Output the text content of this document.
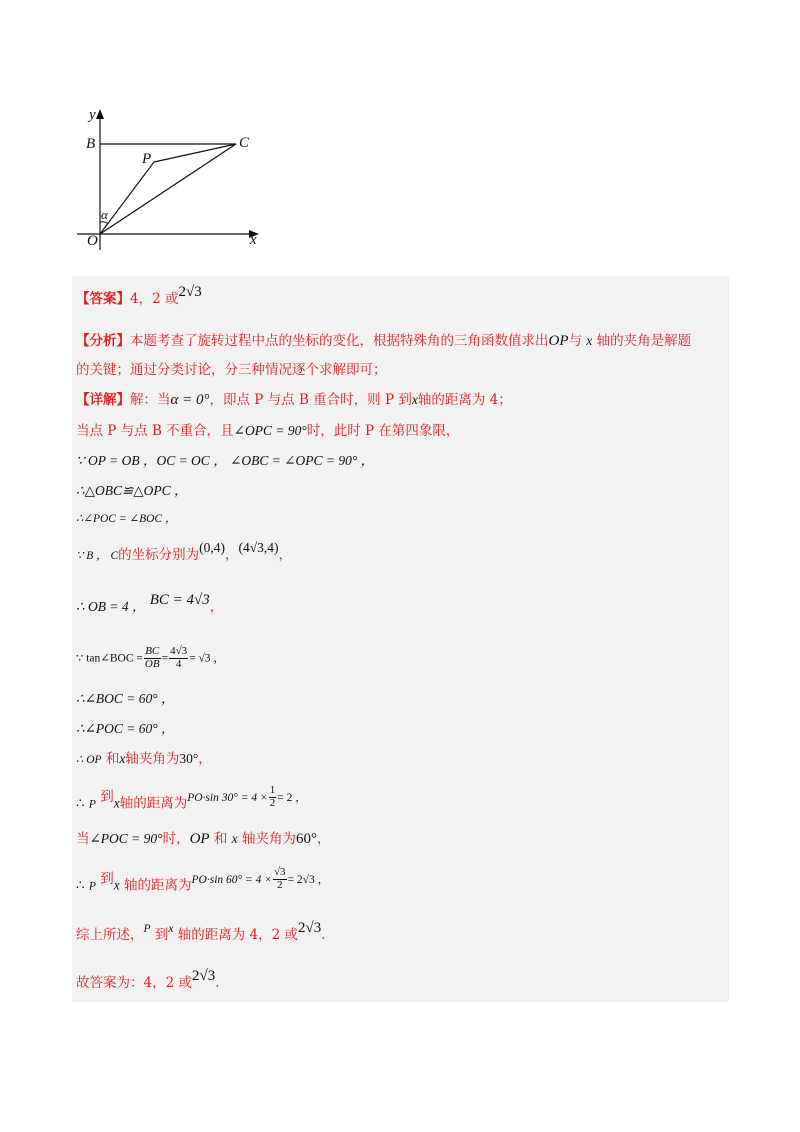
y
x
O
B	C
P
α
【答案】4，2 或2√3
【分析】本题考查了旋转过程中点的坐标的变化，根据特殊角的三角函数值求出OP与 x 轴的夹角是解题
的关键；通过分类讨论，分三种情况逐个求解即可；
【详解】解：当α = 0°，即点 P 与点 B 重合时，则 P 到x轴的距离为 4；
当点 P 与点 B 不重合，且∠OPC = 90°时，此时 P 在第四象限，
∵ OP = OB ，OC = OC ， ∠OBC = ∠OPC = 90° ，
∴△OBC≌△OPC ，
∴∠POC = ∠BOC ，
∵ B ， C的坐标分别为(0,4)，(4√3,4)，
∴ OB = 4 ， BC = 4√3，
∵ tan∠BOC = $\frac{BC}{OB} = \frac{4√3}{4} = √3$ ，
∴∠BOC = 60° ，
∴∠POC = 60° ，
∴ OP 和x轴夹角为30°，
∴ P 到x轴的距离为PO·sin $30^\circ = 4 \times \frac{1}{2} = 2$ ，
当∠POC = 90°时，OP 和 x 轴夹角为60°，
∴ P 到x 轴的距离为PO·sin $60^\circ = 4 \times \frac{√3}{2} = 2√3$ ，
综上所述，P 到x 轴的距离为 4，2 或2√3.
故答案为：4，2 或2√3.
